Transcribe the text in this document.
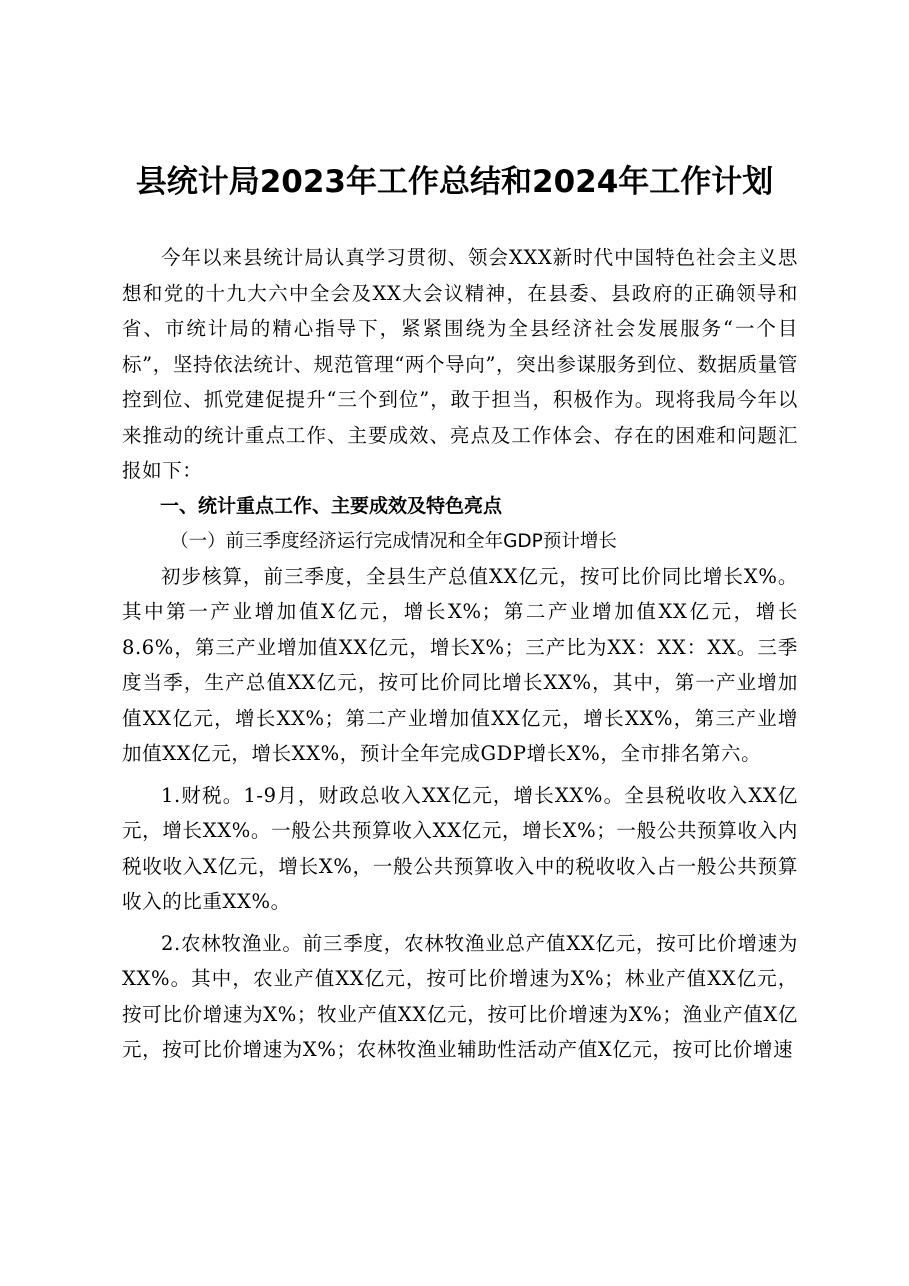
县统计局2023年工作总结和2024年工作计划

今年以来县统计局认真学习贯彻、领会XXX新时代中国特色社会主义思想和党的十九大六中全会及XX大会议精神，在县委、县政府的正确领导和省、市统计局的精心指导下，紧紧围绕为全县经济社会发展服务“一个目标”，坚持依法统计、规范管理“两个导向”，突出参谋服务到位、数据质量管控到位、抓党建促提升“三个到位”，敢于担当，积极作为。现将我局今年以来推动的统计重点工作、主要成效、亮点及工作体会、存在的困难和问题汇报如下：

一、统计重点工作、主要成效及特色亮点

（一）前三季度经济运行完成情况和全年GDP预计增长

初步核算，前三季度，全县生产总值XX亿元，按可比价同比增长X%。其中第一产业增加值X亿元，增长X%；第二产业增加值XX亿元，增长8.6%，第三产业增加值XX亿元，增长X%；三产比为XX：XX：XX。三季度当季，生产总值XX亿元，按可比价同比增长XX%，其中，第一产业增加值XX亿元，增长XX%；第二产业增加值XX亿元，增长XX%，第三产业增加值XX亿元，增长XX%，预计全年完成GDP增长X%，全市排名第六。

1.财税。1-9月，财政总收入XX亿元，增长XX%。全县税收收入XX亿元，增长XX%。一般公共预算收入XX亿元，增长X%；一般公共预算收入内税收收入X亿元，增长X%，一般公共预算收入中的税收收入占一般公共预算收入的比重XX%。

2.农林牧渔业。前三季度，农林牧渔业总产值XX亿元，按可比价增速为XX%。其中，农业产值XX亿元，按可比价增速为X%；林业产值XX亿元，按可比价增速为X%；牧业产值XX亿元，按可比价增速为X%；渔业产值X亿元，按可比价增速为X%；农林牧渔业辅助性活动产值X亿元，按可比价增速
